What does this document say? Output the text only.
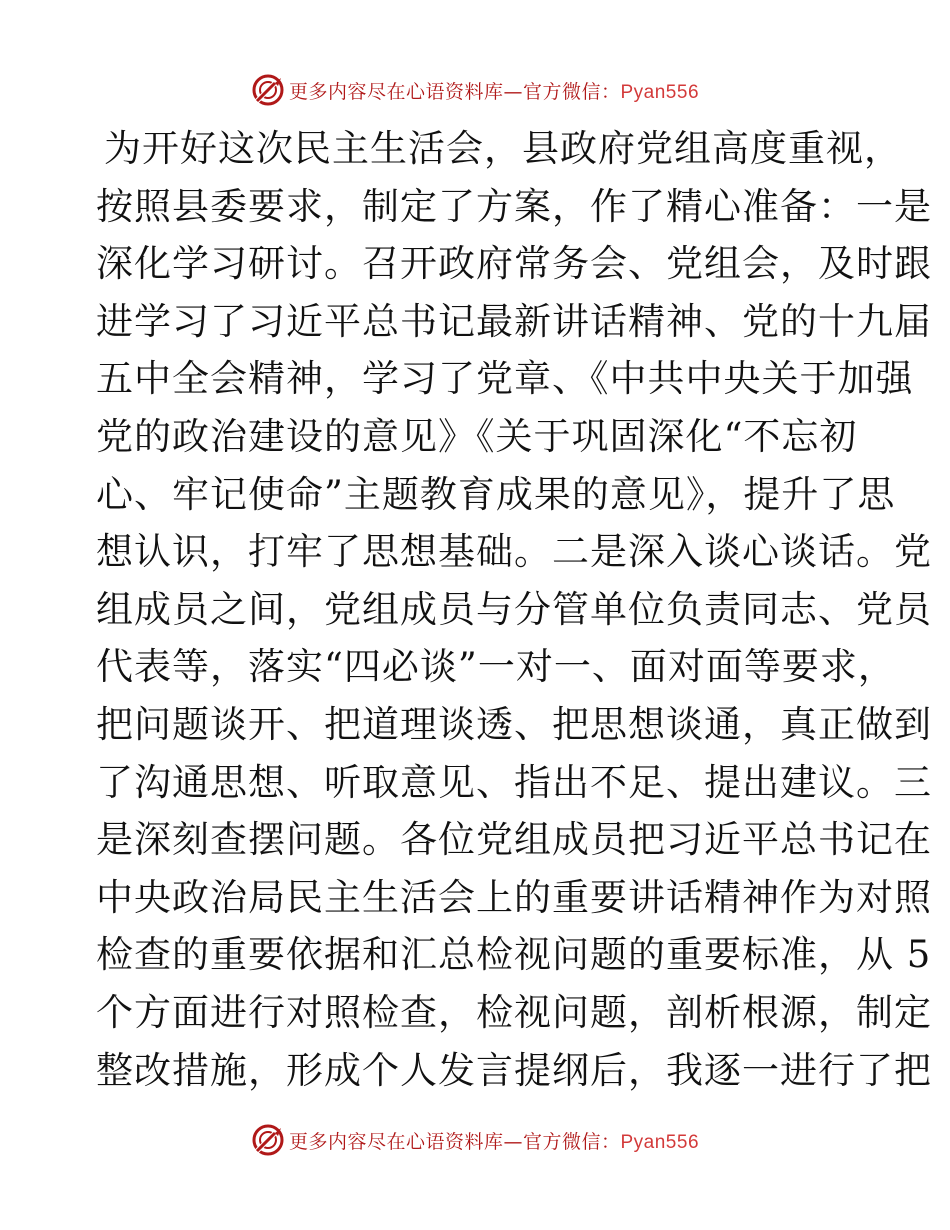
更多内容尽在心语资料库—官方微信：Pyan556
为开好这次民主生活会，县政府党组高度重视，
按照县委要求，制定了方案，作了精心准备：一是
深化学习研讨。召开政府常务会、党组会，及时跟
进学习了习近平总书记最新讲话精神、党的十九届
五中全会精神，学习了党章、《中共中央关于加强
党的政治建设的意见》《关于巩固深化“不忘初
心、牢记使命”主题教育成果的意见》，提升了思
想认识，打牢了思想基础。二是深入谈心谈话。党
组成员之间，党组成员与分管单位负责同志、党员
代表等，落实“四必谈”一对一、面对面等要求，
把问题谈开、把道理谈透、把思想谈通，真正做到
了沟通思想、听取意见、指出不足、提出建议。三
是深刻查摆问题。各位党组成员把习近平总书记在
中央政治局民主生活会上的重要讲话精神作为对照
检查的重要依据和汇总检视问题的重要标准，从 5
个方面进行对照检查，检视问题，剖析根源，制定
整改措施，形成个人发言提纲后，我逐一进行了把
更多内容尽在心语资料库—官方微信：Pyan556
